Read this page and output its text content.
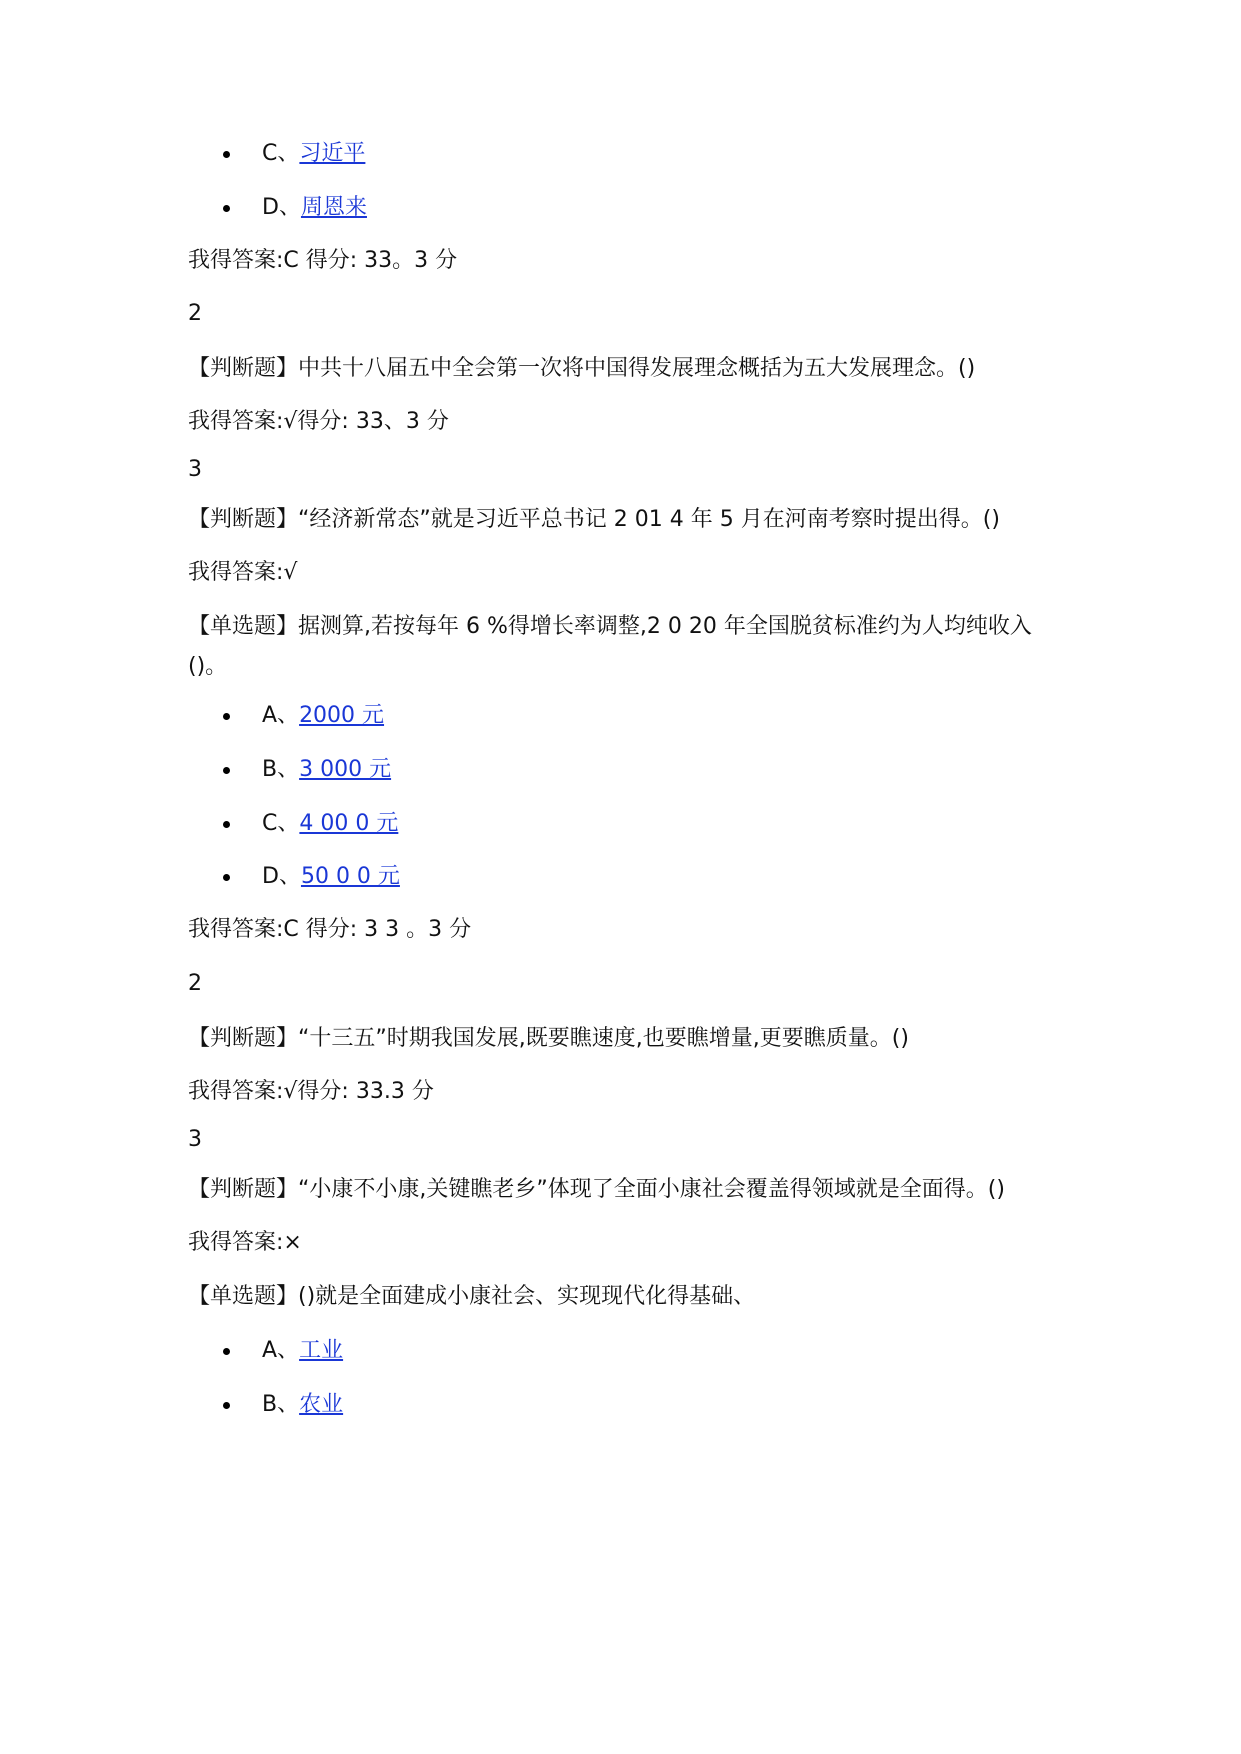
C、习近平
D、周恩来

我得答案:C 得分: 33。3 分

2

【判断题】中共十八届五中全会第一次将中国得发展理念概括为五大发展理念。()

我得答案:√得分: 33、3 分

3

【判断题】“经济新常态”就是习近平总书记 2 01 4 年 5 月在河南考察时提出得。()

我得答案:√

【单选题】据测算,若按每年 6 %得增长率调整,2 0 20 年全国脱贫标准约为人均纯收入()。

A、2000 元
B、3 000 元
C、4 00 0 元
D、50 0 0 元

我得答案:C 得分: 3 3 。3 分

2

【判断题】“十三五”时期我国发展,既要瞧速度,也要瞧增量,更要瞧质量。()

我得答案:√得分: 33.3 分

3

【判断题】“小康不小康,关键瞧老乡”体现了全面小康社会覆盖得领域就是全面得。()

我得答案:×

【单选题】()就是全面建成小康社会、实现现代化得基础、

A、工业
B、农业
